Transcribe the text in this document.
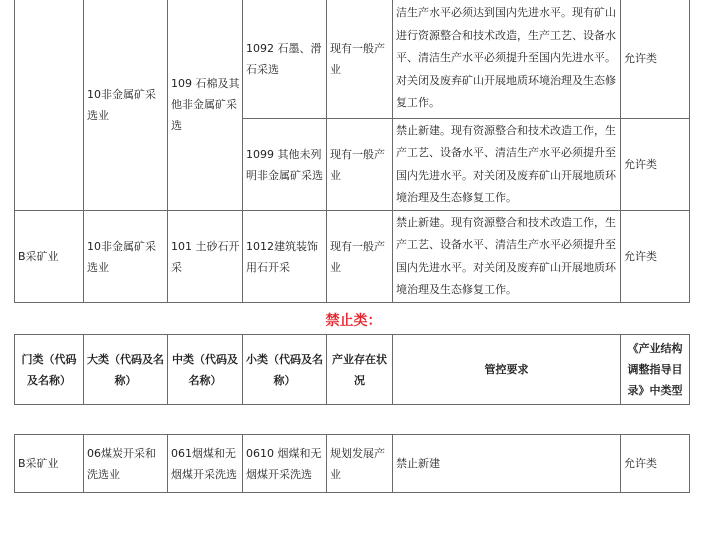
	10非金属矿采选业	109 石棉及其他非金属矿采选	1092 石墨、滑石采选	现有一般产业	洁生产水平必须达到国内先进水平。现有矿山进行资源整合和技术改造，生产工艺、设备水平、清洁生产水平必须提升至国内先进水平。对关闭及废弃矿山开展地质环境治理及生态修复工作。	允许类
			1099 其他未列明非金属矿采选	现有一般产业	禁止新建。现有资源整合和技术改造工作，生产工艺、设备水平、清洁生产水平必须提升至国内先进水平。对关闭及废弃矿山开展地质环境治理及生态修复工作。	允许类
B采矿业	10非金属矿采选业	101 土砂石开采	1012建筑装饰用石开采	现有一般产业	禁止新建。现有资源整合和技术改造工作，生产工艺、设备水平、清洁生产水平必须提升至国内先进水平。对关闭及废弃矿山开展地质环境治理及生态修复工作。	允许类
禁止类：
门类（代码及名称）	大类（代码及名称）	中类（代码及名称）	小类（代码及名称）	产业存在状况	管控要求	《产业结构调整指导目录》中类型
B采矿业	06煤炭开采和洗选业	061烟煤和无烟煤开采洗选	0610 烟煤和无烟煤开采洗选	规划发展产业	禁止新建	允许类
